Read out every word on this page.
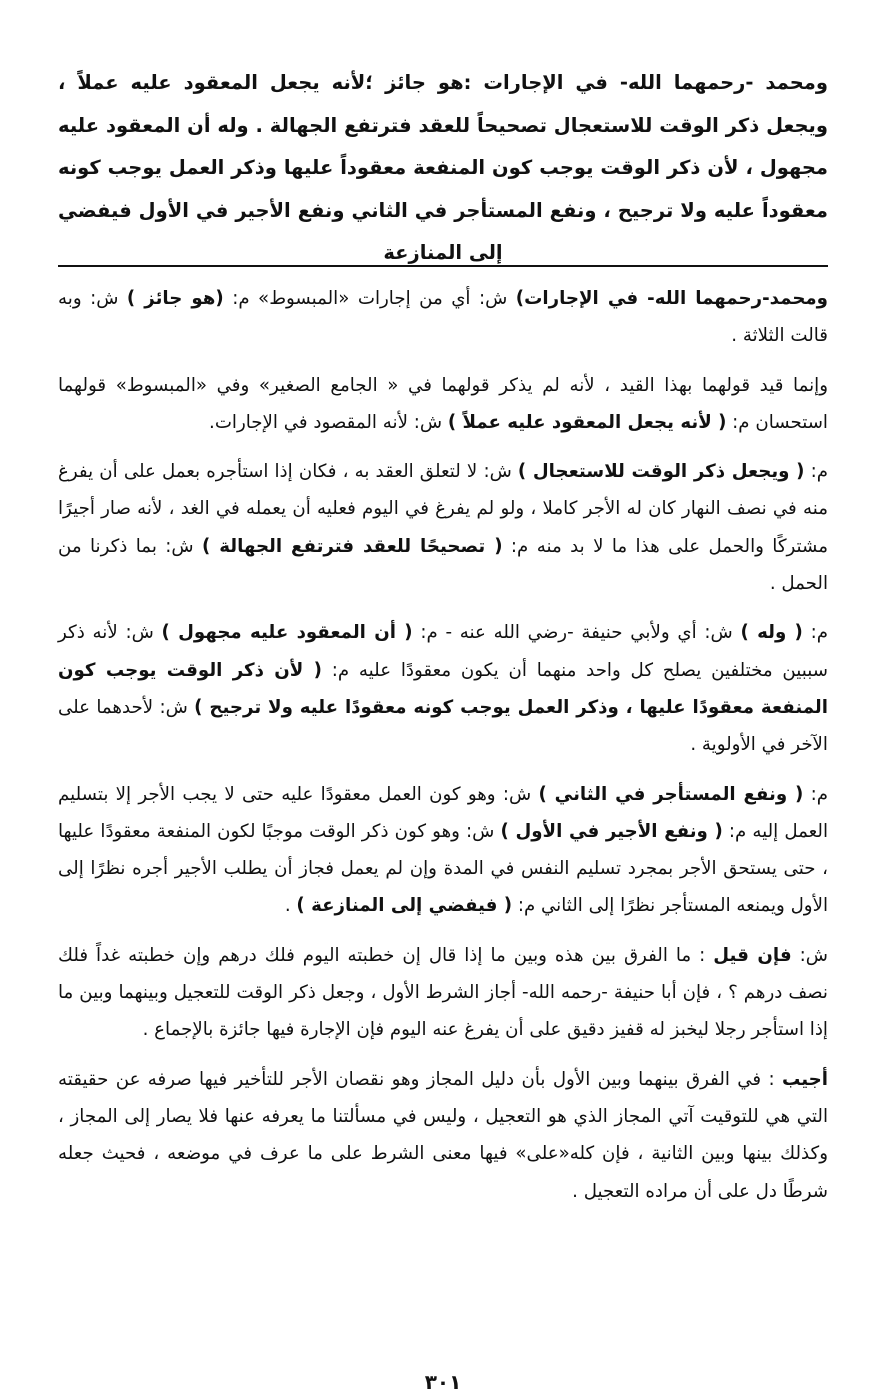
ومحمد -رحمهما الله- في الإجارات :هو جائز ؛لأنه يجعل المعقود عليه عملاً ، ويجعل ذكر الوقت للاستعجال تصحيحاً للعقد فترتفع الجهالة . وله أن المعقود عليه مجهول ، لأن ذكر الوقت يوجب كون المنفعة معقوداً عليها وذكر العمل يوجب كونه معقوداً عليه ولا ترجيح ، ونفع المستأجر في الثاني ونفع الأجير في الأول فيفضي إلى المنازعة

ومحمد-رحمهما الله- في الإجارات) ش: أي من إجارات «المبسوط» م: (هو جائز ) ش: وبه قالت الثلاثة .

وإنما قيد قولهما بهذا القيد ، لأنه لم يذكر قولهما في « الجامع الصغير» وفي «المبسوط» قولهما استحسان م: ( لأنه يجعل المعقود عليه عملاً ) ش: لأنه المقصود في الإجارات.

م: ( ويجعل ذكر الوقت للاستعجال ) ش: لا لتعلق العقد به ، فكان إذا استأجره بعمل على أن يفرغ منه في نصف النهار كان له الأجر كاملا ، ولو لم يفرغ في اليوم فعليه أن يعمله في الغد ، لأنه صار أجيرًا مشتركًا والحمل على هذا ما لا بد منه م: ( تصحيحًا للعقد فترتفع الجهالة ) ش: بما ذكرنا من الحمل .

م: ( وله ) ش: أي ولأبي حنيفة -رضي الله عنه - م: ( أن المعقود عليه مجهول ) ش: لأنه ذكر سببين مختلفين يصلح كل واحد منهما أن يكون معقودًا عليه م: ( لأن ذكر الوقت يوجب كون المنفعة معقودًا عليها ، وذكر العمل يوجب كونه معقودًا عليه ولا ترجيح ) ش: لأحدهما على الآخر في الأولوية .

م: ( ونفع المستأجر في الثاني ) ش: وهو كون العمل معقودًا عليه حتى لا يجب الأجر إلا بتسليم العمل إليه م: ( ونفع الأجير في الأول ) ش: وهو كون ذكر الوقت موجبًا لكون المنفعة معقودًا عليها ، حتى يستحق الأجر بمجرد تسليم النفس في المدة وإن لم يعمل فجاز أن يطلب الأجير أجره نظرًا إلى الأول ويمنعه المستأجر نظرًا إلى الثاني م: ( فيفضي إلى المنازعة ) .

ش: فإن قيل : ما الفرق بين هذه وبين ما إذا قال إن خطبته اليوم فلك درهم وإن خطبته غداً فلك نصف درهم ؟ ، فإن أبا حنيفة -رحمه الله- أجاز الشرط الأول ، وجعل ذكر الوقت للتعجيل وبينهما وبين ما إذا استأجر رجلا ليخبز له قفيز دقيق على أن يفرغ عنه اليوم فإن الإجارة فيها جائزة بالإجماع .

أجيب : في الفرق بينهما وبين الأول بأن دليل المجاز وهو نقصان الأجر للتأخير فيها صرفه عن حقيقته التي هي للتوقيت آتي المجاز الذي هو التعجيل ، وليس في مسألتنا ما يعرفه عنها فلا يصار إلى المجاز ، وكذلك بينها وبين الثانية ، فإن كله«على» فيها معنى الشرط على ما عرف في موضعه ، فحيث جعله شرطًا دل على أن مراده التعجيل .

٣٠١
